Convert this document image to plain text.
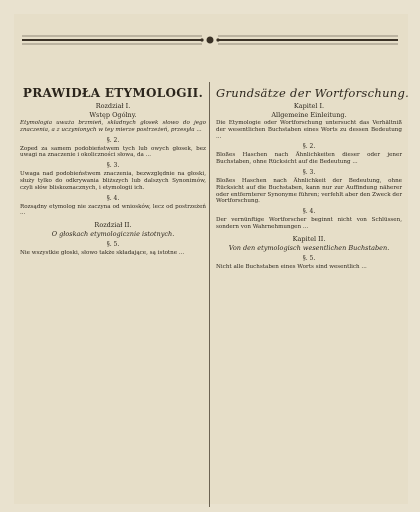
PRAWIDŁA ETYMOLOGII.
Rozdział I.
Wstęp Ogólny.

Etymologia uważa brzmień, składnych głosek słowo do jego znaczenia, a z uczynionych w tey mierze postrzeżeń, przesyła ...

§. 2.

Zoped za samem podobieństwem tych lub owych głosek, bez uwagi na znaczenie i okoliczności słowa, da ...

§. 3.

Uwaga nad podobieństwem znaczenia, bezwzględnie na głoski, służy tylko do odkrywania bliższych lub dalszych Synonimów, czyli słów bliskoznacznych, i etymologii ich.

§. 4.

Rozsądny etymolog nie zaczyna od wniosków, lecz od postrzeżeń ...

Rozdział II.
O głoskach etymologicznie istotnych.
§. 5.

Nie wszystkie głoski, słowo także składające, są istotne ...

Grundsätze der Wortforschung.
Kapitel I.
Allgemeine Einleitung.

Die Etymologie oder Wortforschung untersucht das Verhältniß der wesentlichen Buchstaben eines Worts zu dessen Bedeutung ...

§. 2.

Bloßes Haschen nach Ähnlichkeiten dieser oder jener Buchstaben, ohne Rücksicht auf die Bedeutung ...

§. 3.

Bloßes Haschen nach Ähnlichkeit der Bedeutung, ohne Rücksicht auf die Buchstaben, kann nur zur Auffindung näherer oder entfernterer Synonyme führen; verfehlt aber den Zweck der Wortforschung.

§. 4.

Der vernünftige Wortforscher beginnt nicht von Schlüssen, sondern von Wahrnehmungen ...

Kapitel II.
Von den etymologisch wesentlichen Buchstaben.
§. 5.

Nicht alle Buchstaben eines Worts sind wesentlich ...
